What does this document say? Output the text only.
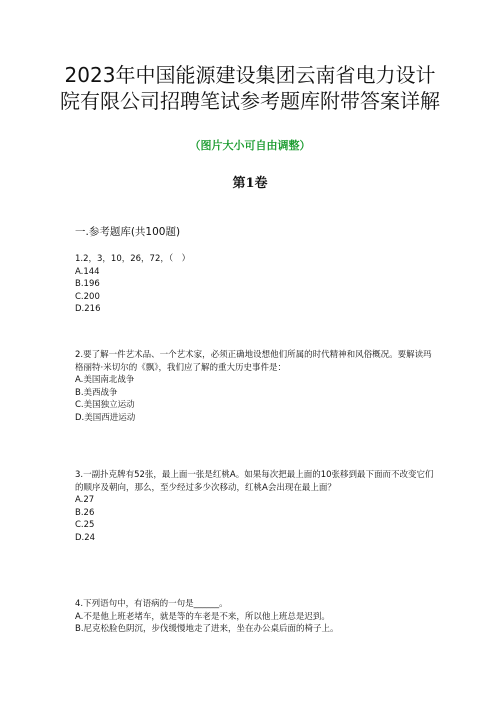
2023年中国能源建设集团云南省电力设计院有限公司招聘笔试参考题库附带答案详解
（图片大小可自由调整）
第1卷
一.参考题库(共100题)

1.2，3，10，26，72，（　）

A.144

B.196

C.200

D.216

2.要了解一件艺术品、一个艺术家，必须正确地设想他们所属的时代精神和风俗概况。要解读玛格丽特·米切尔的《飘》，我们应了解的重大历史事件是：

A.美国南北战争

B.美西战争

C.美国独立运动

D.美国西进运动

3.一副扑克牌有52张，最上面一张是红桃A。如果每次把最上面的10张移到最下面而不改变它们的顺序及朝向，那么，至少经过多少次移动，红桃A会出现在最上面？

A.27

B.26

C.25

D.24

4.下列语句中，有语病的一句是______。

A.不是他上班老堵车，就是等的车老是不来，所以他上班总是迟到。

B.尼克松脸色阴沉，步伐缓慢地走了进来，坐在办公桌后面的椅子上。
